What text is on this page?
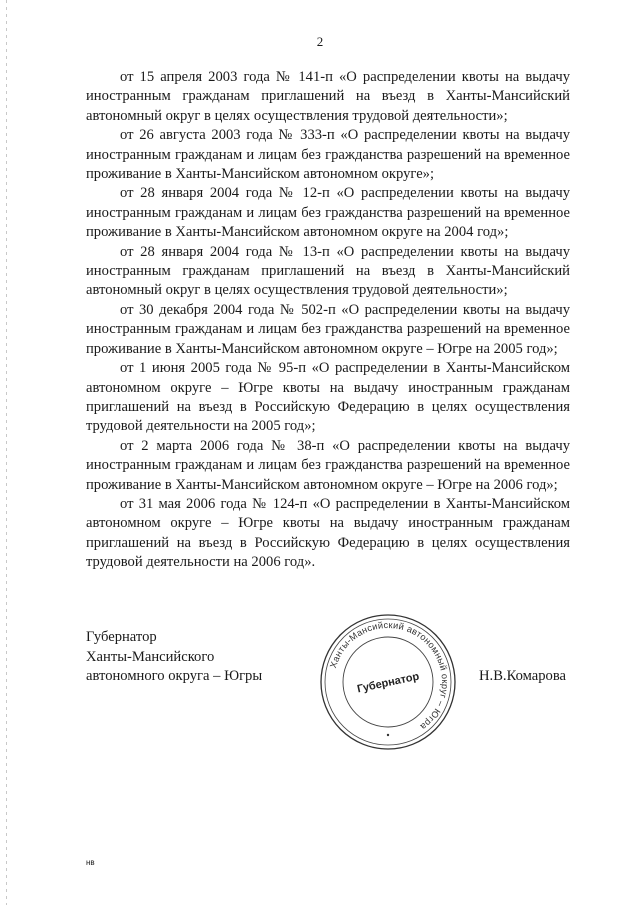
2

от 15 апреля 2003 года № 141-п «О распределении квоты на выдачу иностранным гражданам приглашений на въезд в Ханты-Мансийский автономный округ в целях осуществления трудовой деятельности»;

от 26 августа 2003 года № 333-п «О распределении квоты на выдачу иностранным гражданам и лицам без гражданства разрешений на временное проживание в Ханты-Мансийском автономном округе»;

от 28 января 2004 года № 12-п «О распределении квоты на выдачу иностранным гражданам и лицам без гражданства разрешений на временное проживание в Ханты-Мансийском автономном округе на 2004 год»;

от 28 января 2004 года № 13-п «О распределении квоты на выдачу иностранным гражданам приглашений на въезд в Ханты-Мансийский автономный округ в целях осуществления трудовой деятельности»;

от 30 декабря 2004 года № 502-п «О распределении квоты на выдачу иностранным гражданам и лицам без гражданства разрешений на временное проживание в Ханты-Мансийском автономном округе – Югре на 2005 год»;

от 1 июня 2005 года № 95-п «О распределении в Ханты-Мансийском автономном округе – Югре квоты на выдачу иностранным гражданам приглашений на въезд в Российскую Федерацию в целях осуществления трудовой деятельности на 2005 год»;

от 2 марта 2006 года № 38-п «О распределении квоты на выдачу иностранным гражданам и лицам без гражданства разрешений на временное проживание в Ханты-Мансийском автономном округе – Югре на 2006 год»;

от 31 мая 2006 года № 124-п «О распределении в Ханты-Мансийском автономном округе – Югре квоты на выдачу иностранным гражданам приглашений на въезд в Российскую Федерацию в целях осуществления трудовой деятельности на 2006 год».

Губернатор
Ханты-Мансийского
автономного округа – Югры	Н.В.Комарова
Ханты-Мансийский автономный округ – Югра
Губернатор
нв
